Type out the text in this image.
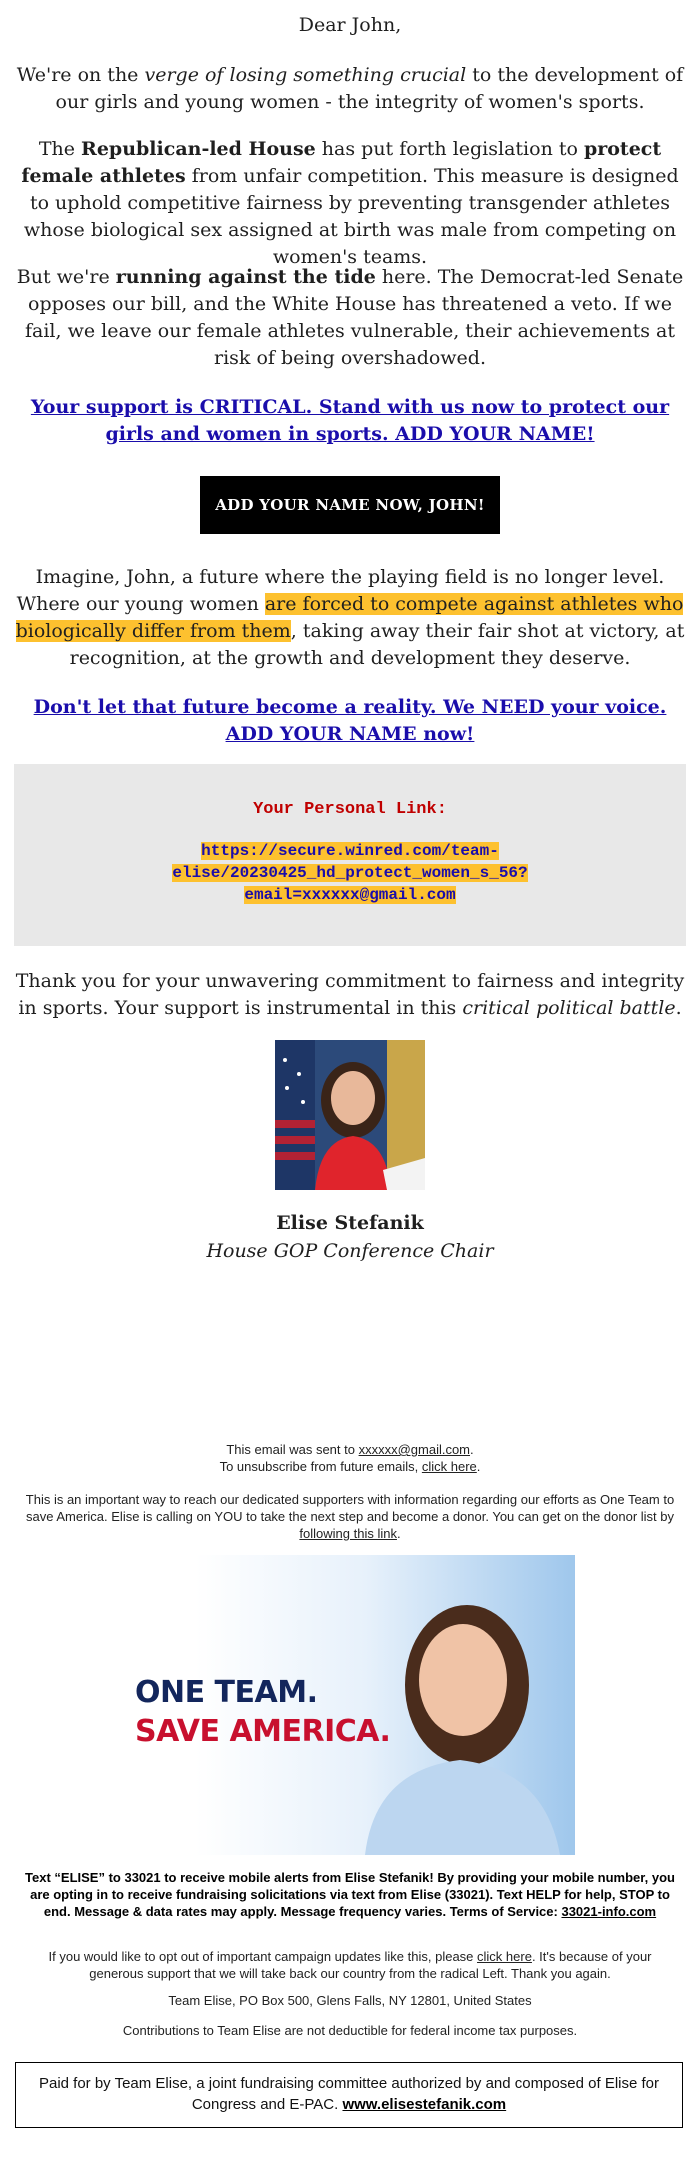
Dear John,
We're on the verge of losing something crucial to the development of our girls and young women - the integrity of women's sports.
The Republican-led House has put forth legislation to protect female athletes from unfair competition. This measure is designed to uphold competitive fairness by preventing transgender athletes whose biological sex assigned at birth was male from competing on women's teams.
But we're running against the tide here. The Democrat-led Senate opposes our bill, and the White House has threatened a veto. If we fail, we leave our female athletes vulnerable, their achievements at risk of being overshadowed.
Your support is CRITICAL. Stand with us now to protect our girls and women in sports. ADD YOUR NAME!
ADD YOUR NAME NOW, JOHN!
Imagine, John, a future where the playing field is no longer level. Where our young women are forced to compete against athletes who biologically differ from them, taking away their fair shot at victory, at recognition, at the growth and development they deserve.
Don't let that future become a reality. We NEED your voice. ADD YOUR NAME now!
Your Personal Link:
https://secure.winred.com/team-elise/20230425_hd_protect_women_s_56?email=xxxxxx@gmail.com
Thank you for your unwavering commitment to fairness and integrity in sports. Your support is instrumental in this critical political battle.
Elise Stefanik
House GOP Conference Chair
This email was sent to xxxxxx@gmail.com.
To unsubscribe from future emails, click here.
This is an important way to reach our dedicated supporters with information regarding our efforts as One Team to save America. Elise is calling on YOU to take the next step and become a donor. You can get on the donor list by following this link.
ONE TEAM.
SAVE AMERICA.
Text “ELISE” to 33021 to receive mobile alerts from Elise Stefanik! By providing your mobile number, you are opting in to receive fundraising solicitations via text from Elise (33021). Text HELP for help, STOP to end. Message & data rates may apply. Message frequency varies. Terms of Service: 33021-info.com
If you would like to opt out of important campaign updates like this, please click here. It's because of your generous support that we will take back our country from the radical Left. Thank you again.
Team Elise, PO Box 500, Glens Falls, NY 12801, United States
Contributions to Team Elise are not deductible for federal income tax purposes.
Paid for by Team Elise, a joint fundraising committee authorized by and composed of Elise for Congress and E-PAC. www.elisestefanik.com
